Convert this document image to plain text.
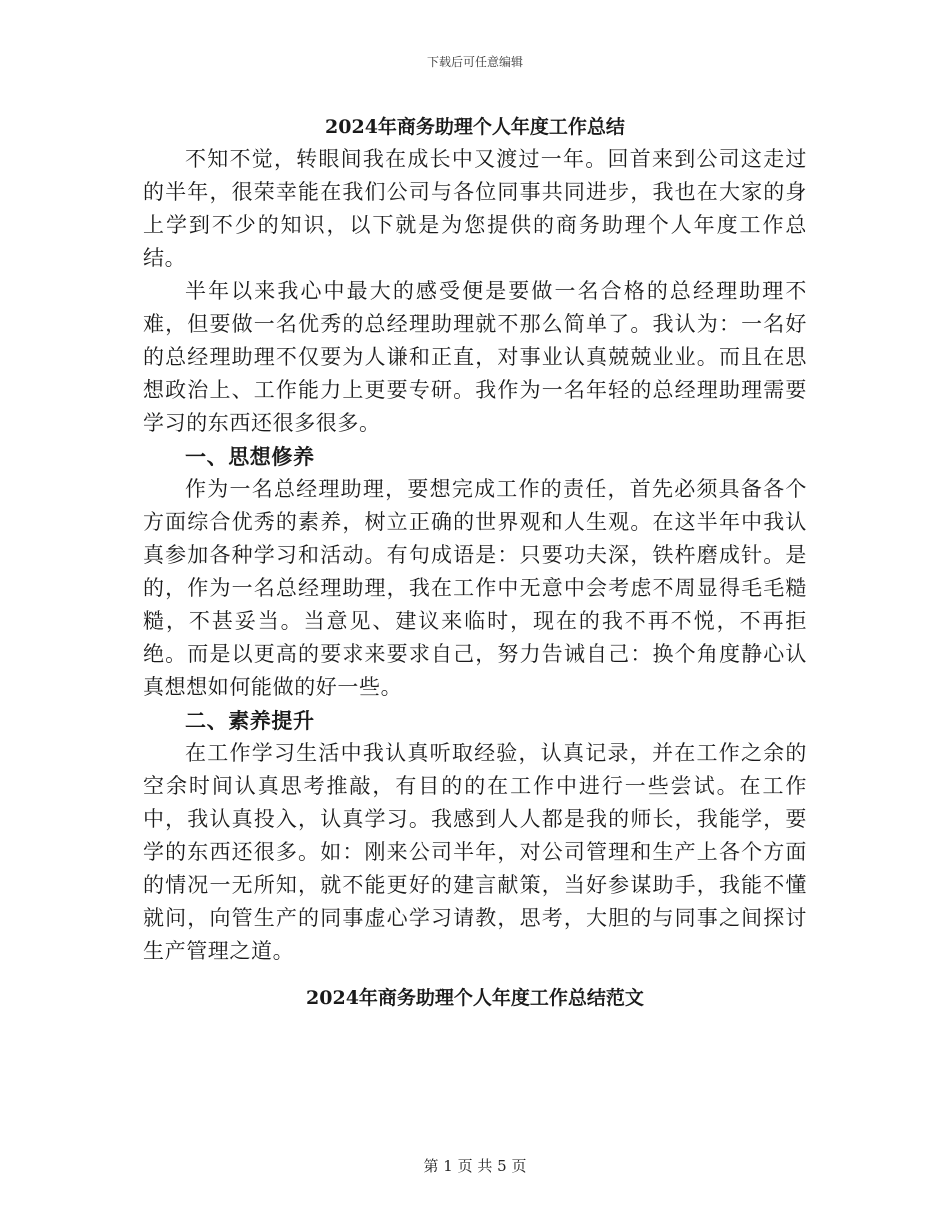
下载后可任意编辑
2024年商务助理个人年度工作总结

不知不觉，转眼间我在成长中又渡过一年。回首来到公司这走过的半年，很荣幸能在我们公司与各位同事共同进步，我也在大家的身上学到不少的知识，以下就是为您提供的商务助理个人年度工作总结。

半年以来我心中最大的感受便是要做一名合格的总经理助理不难，但要做一名优秀的总经理助理就不那么简单了。我认为：一名好的总经理助理不仅要为人谦和正直，对事业认真兢兢业业。而且在思想政治上、工作能力上更要专研。我作为一名年轻的总经理助理需要学习的东西还很多很多。

一、思想修养

作为一名总经理助理，要想完成工作的责任，首先必须具备各个方面综合优秀的素养，树立正确的世界观和人生观。在这半年中我认真参加各种学习和活动。有句成语是：只要功夫深，铁杵磨成针。是的，作为一名总经理助理，我在工作中无意中会考虑不周显得毛毛糙糙，不甚妥当。当意见、建议来临时，现在的我不再不悦，不再拒绝。而是以更高的要求来要求自己，努力告诫自己：换个角度静心认真想想如何能做的好一些。

二、素养提升

在工作学习生活中我认真听取经验，认真记录，并在工作之余的空余时间认真思考推敲，有目的的在工作中进行一些尝试。在工作中，我认真投入，认真学习。我感到人人都是我的师长，我能学，要学的东西还很多。如：刚来公司半年，对公司管理和生产上各个方面的情况一无所知，就不能更好的建言献策，当好参谋助手，我能不懂就问，向管生产的同事虚心学习请教，思考，大胆的与同事之间探讨生产管理之道。

2024年商务助理个人年度工作总结范文
第 1 页 共 5 页
